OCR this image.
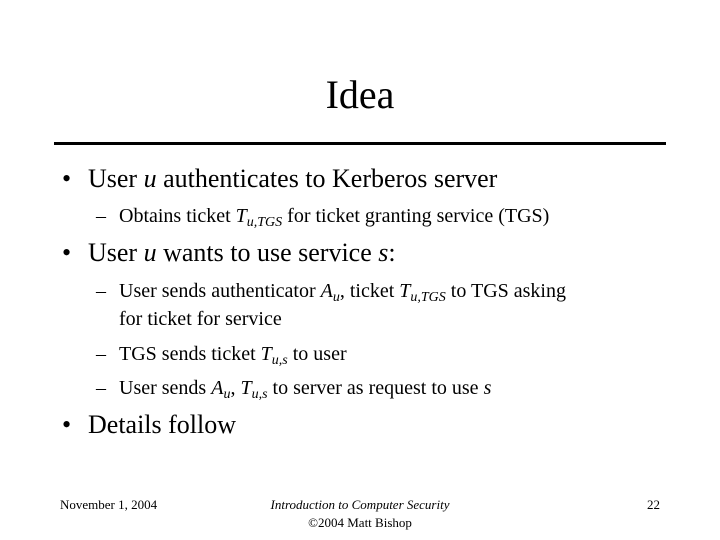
Idea
• User u authenticates to Kerberos server
– Obtains ticket $T_{u,TGS}$ for ticket granting service (TGS)
• User u wants to use service s:
– User sends authenticator $A_u$, ticket $T_{u,TGS}$ to TGS asking
for ticket for service
– TGS sends ticket $T_{u,s}$ to user
– User sends $A_u$, $T_{u,s}$ to server as request to use s
• Details follow
November 1, 2004	Introduction to Computer Security
©2004 Matt Bishop
22
